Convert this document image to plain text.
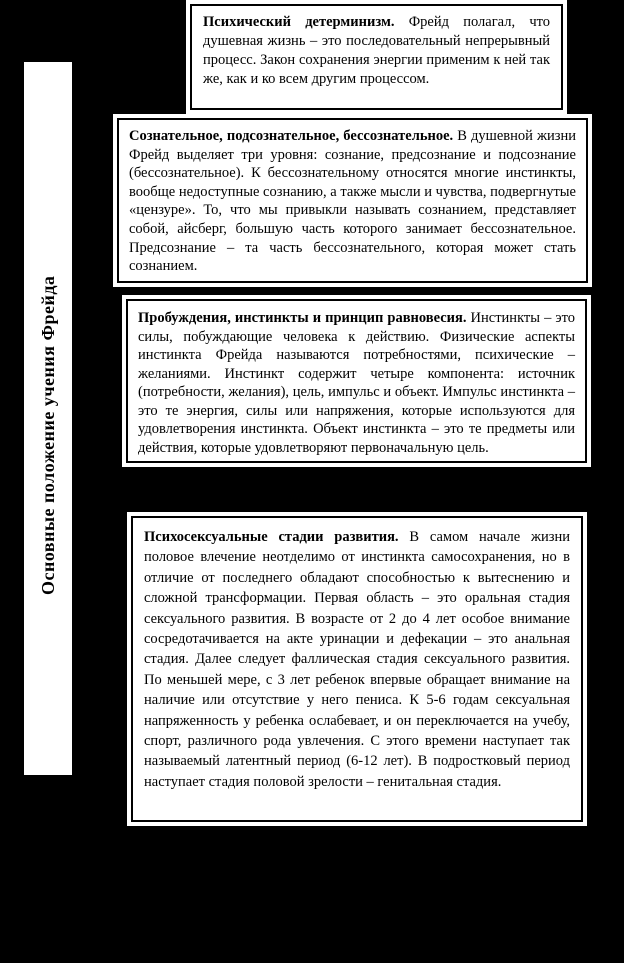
Основные положение учения Фрейда
Психический детерминизм. Фрейд полагал, что душевная жизнь – это последовательный непрерывный процесс. Закон сохранения энергии применим к ней так же, как и ко всем другим процессом.
Сознательное, подсознательное, бессознательное. В душевной жизни Фрейд выделяет три уровня: сознание, предсознание и подсознание (бессознательное). К бессознательному относятся многие инстинкты, вообще недоступные сознанию, а также мысли и чувства, подвергнутые «цензуре». То, что мы привыкли называть сознанием, представляет собой, айсберг, большую часть которого занимает бессознательное. Предсознание – та часть бессознательного, которая может стать сознанием.
Пробуждения, инстинкты и принцип равновесия. Инстинкты – это силы, побуждающие человека к действию. Физические аспекты инстинкта Фрейда называются потребностями, психические – желаниями. Инстинкт содержит четыре компонента: источник (потребности, желания), цель, импульс и объект. Импульс инстинкта – это те энергия, силы или напряжения, которые используются для удовлетворения инстинкта. Объект инстинкта – это те предметы или действия, которые удовлетворяют первоначальную цель.
Психосексуальные стадии развития. В самом начале жизни половое влечение неотделимо от инстинкта самосохранения, но в отличие от последнего обладают способностью к вытеснению и сложной трансформации. Первая область – это оральная стадия сексуального развития. В возрасте от 2 до 4 лет особое внимание сосредотачивается на акте уринации и дефекации – это анальная стадия. Далее следует фаллическая стадия сексуального развития. По меньшей мере, с 3 лет ребенок впервые обращает внимание на наличие или отсутствие у него пениса. К 5-6 годам сексуальная напряженность у ребенка ослабевает, и он переключается на учебу, спорт, различного рода увлечения. С этого времени наступает так называемый латентный период (6-12 лет). В подростковый период наступает стадия половой зрелости – генитальная стадия.
